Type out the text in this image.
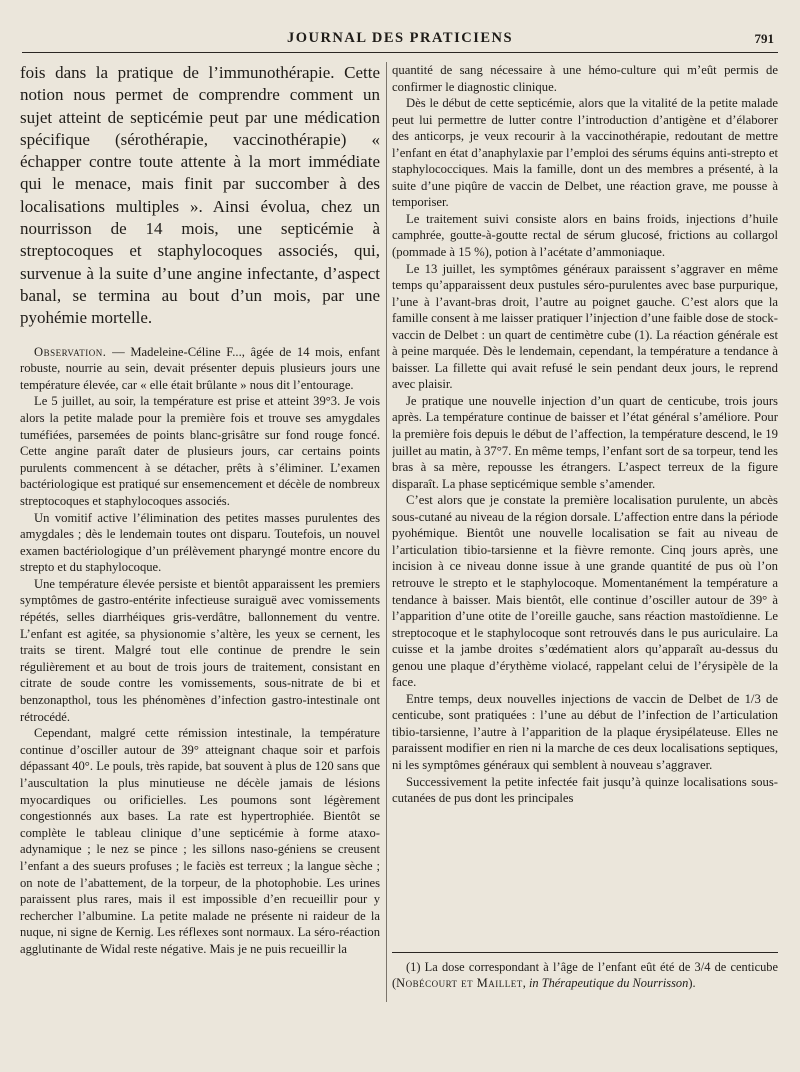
JOURNAL DES PRATICIENS	791

fois dans la pratique de l’immunothérapie. Cette notion nous permet de comprendre comment un sujet atteint de septicémie peut par une médication spécifique (sérothérapie, vaccinothérapie) « échapper contre toute attente à la mort immédiate qui le menace, mais finit par succomber à des localisations multiples ». Ainsi évolua, chez un nourrisson de 14 mois, une septicémie à streptocoques et staphylocoques associés, qui, survenue à la suite d’une angine infectante, d’aspect banal, se termina au bout d’un mois, par une pyohémie mortelle.

Observation. — Madeleine-Céline F..., âgée de 14 mois, enfant robuste, nourrie au sein, devait présenter depuis plusieurs jours une température élevée, car « elle était brûlante » nous dit l’entourage.

Le 5 juillet, au soir, la température est prise et atteint 39°3. Je vois alors la petite malade pour la première fois et trouve ses amygdales tuméfiées, parsemées de points blanc-grisâtre sur fond rouge foncé. Cette angine paraît dater de plusieurs jours, car certains points purulents commencent à se détacher, prêts à s’éliminer. L’examen bactériologique est pratiqué sur ensemencement et décèle de nombreux streptocoques et staphylocoques associés.

Un vomitif active l’élimination des petites masses purulentes des amygdales ; dès le lendemain toutes ont disparu. Toutefois, un nouvel examen bactériologique d’un prélèvement pharyngé montre encore du strepto et du staphylocoque.

Une température élevée persiste et bientôt apparaissent les premiers symptômes de gastro-entérite infectieuse suraiguë avec vomissements répétés, selles diarrhéiques gris-verdâtre, ballonnement du ventre. L’enfant est agitée, sa physionomie s’altère, les yeux se cernent, les traits se tirent. Malgré tout elle continue de prendre le sein régulièrement et au bout de trois jours de traitement, consistant en citrate de soude contre les vomissements, sous-nitrate de bi et benzonapthol, tous les phénomènes d’infection gastro-intestinale ont rétrocédé.

Cependant, malgré cette rémission intestinale, la température continue d’osciller autour de 39° atteignant chaque soir et parfois dépassant 40°. Le pouls, très rapide, bat souvent à plus de 120 sans que l’auscultation la plus minutieuse ne décèle jamais de lésions myocardiques ou orificielles. Les poumons sont légèrement congestionnés aux bases. La rate est hypertrophiée. Bientôt se complète le tableau clinique d’une septicémie à forme ataxo-adynamique ; le nez se pince ; les sillons naso-géniens se creusent l’enfant a des sueurs profuses ; le faciès est terreux ; la langue sèche ; on note de l’abattement, de la torpeur, de la photophobie. Les urines paraissent plus rares, mais il est impossible d’en recueillir pour y rechercher l’albumine. La petite malade ne présente ni raideur de la nuque, ni signe de Kernig. Les réflexes sont normaux. La séro-réaction agglutinante de Widal reste négative. Mais je ne puis recueillir la

quantité de sang nécessaire à une hémo-culture qui m’eût permis de confirmer le diagnostic clinique.

Dès le début de cette septicémie, alors que la vitalité de la petite malade peut lui permettre de lutter contre l’introduction d’antigène et d’élaborer des anticorps, je veux recourir à la vaccinothérapie, redoutant de mettre l’enfant en état d’anaphylaxie par l’emploi des sérums équins anti-strepto et staphylococciques. Mais la famille, dont un des membres a présenté, à la suite d’une piqûre de vaccin de Delbet, une réaction grave, me pousse à temporiser.

Le traitement suivi consiste alors en bains froids, injections d’huile camphrée, goutte-à-goutte rectal de sérum glucosé, frictions au collargol (pommade à 15 %), potion à l’acétate d’ammoniaque.

Le 13 juillet, les symptômes généraux paraissent s’aggraver en même temps qu’apparaissent deux pustules séro-purulentes avec base purpurique, l’une à l’avant-bras droit, l’autre au poignet gauche. C’est alors que la famille consent à me laisser pratiquer l’injection d’une faible dose de stock-vaccin de Delbet : un quart de centimètre cube (1). La réaction générale est à peine marquée. Dès le lendemain, cependant, la température a tendance à baisser. La fillette qui avait refusé le sein pendant deux jours, le reprend avec plaisir.

Je pratique une nouvelle injection d’un quart de centicube, trois jours après. La température continue de baisser et l’état général s’améliore. Pour la première fois depuis le début de l’affection, la température descend, le 19 juillet au matin, à 37°7. En même temps, l’enfant sort de sa torpeur, tend les bras à sa mère, repousse les étrangers. L’aspect terreux de la figure disparaît. La phase septicémique semble s’amender.

C’est alors que je constate la première localisation purulente, un abcès sous-cutané au niveau de la région dorsale. L’affection entre dans la période pyohémique. Bientôt une nouvelle localisation se fait au niveau de l’articulation tibio-tarsienne et la fièvre remonte. Cinq jours après, une incision à ce niveau donne issue à une grande quantité de pus où l’on retrouve le strepto et le staphylocoque. Momentanément la température a tendance à baisser. Mais bientôt, elle continue d’osciller autour de 39° à l’apparition d’une otite de l’oreille gauche, sans réaction mastoïdienne. Le streptocoque et le staphylocoque sont retrouvés dans le pus auriculaire. La cuisse et la jambe droites s’œdématient alors qu’apparaît au-dessus du genou une plaque d’érythème violacé, rappelant celui de l’érysipèle de la face.

Entre temps, deux nouvelles injections de vaccin de Delbet de 1/3 de centicube, sont pratiquées : l’une au début de l’infection de l’articulation tibio-tarsienne, l’autre à l’apparition de la plaque érysipélateuse. Elles ne paraissent modifier en rien ni la marche de ces deux localisations septiques, ni les symptômes généraux qui semblent à nouveau s’aggraver.

Successivement la petite infectée fait jusqu’à quinze localisations sous-cutanées de pus dont les principales

(1) La dose correspondant à l’âge de l’enfant eût été de 3/4 de centicube (Nobécourt et Maillet, in Thérapeutique du Nourrisson).
